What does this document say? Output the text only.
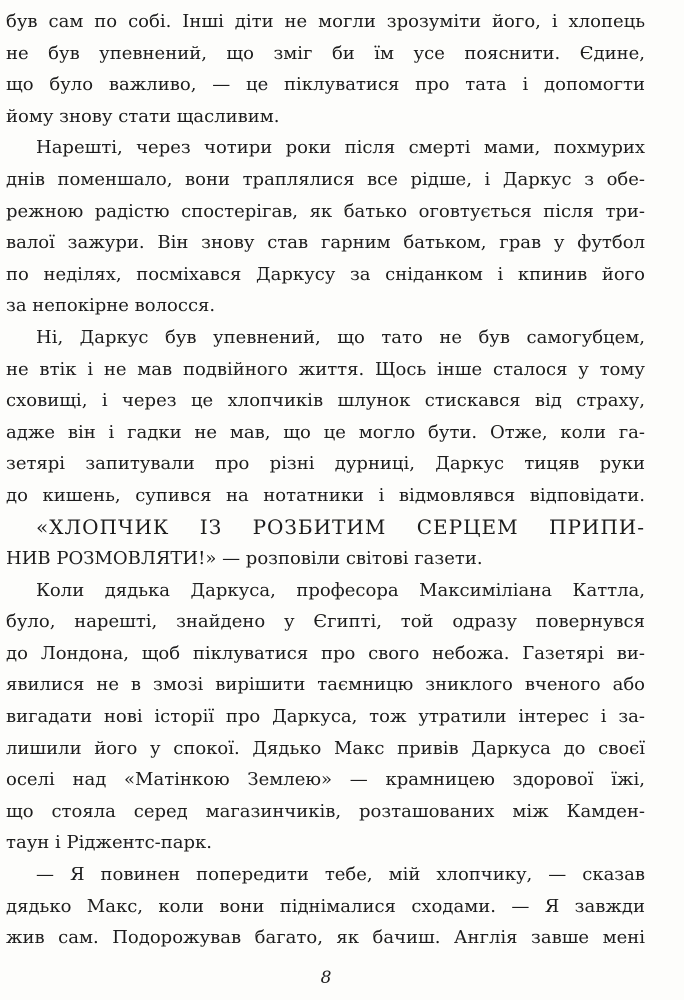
був сам по собі. Інші діти не могли зрозуміти його, і хлопець
не був упевнений, що зміг би їм усе пояснити. Єдине,
що було важливо, — це піклуватися про тата і допомогти
йому знову стати щасливим.
Нарешті, через чотири роки після смерті мами, похмурих
днів поменшало, вони траплялися все рідше, і Даркус з обе-
режною радістю спостерігав, як батько оговтується після три-
валої зажури. Він знову став гарним батьком, грав у футбол
по неділях, посміхався Даркусу за сніданком і кпинив його
за непокірне волосся.
Ні, Даркус був упевнений, що тато не був самогубцем,
не втік і не мав подвійного життя. Щось інше сталося у тому
сховищі, і через це хлопчиків шлунок стискався від страху,
адже він і гадки не мав, що це могло бути. Отже, коли га-
зетярі запитували про різні дурниці, Даркус тицяв руки
до кишень, супився на нотатники і відмовлявся відповідати.
«ХЛОПЧИК ІЗ РОЗБИТИМ СЕРЦЕМ ПРИПИ-
НИВ РОЗМОВЛЯТИ!» — розповіли світові газети.
Коли дядька Даркуса, професора Максиміліана Каттла,
було, нарешті, знайдено у Єгипті, той одразу повернувся
до Лондона, щоб піклуватися про свого небожа. Газетярі ви-
явилися не в змозі вирішити таємницю зниклого вченого або
вигадати нові історії про Даркуса, тож утратили інтерес і за-
лишили його у спокої. Дядько Макс привів Даркуса до своєї
оселі над «Матінкою Землею» — крамницею здорової їжі,
що стояла серед магазинчиків, розташованих між Камден-
таун і Ріджентс-парк.
— Я повинен попередити тебе, мій хлопчику, — сказав
дядько Макс, коли вони піднімалися сходами. — Я завжди
жив сам. Подорожував багато, як бачиш. Англія завше мені
8
